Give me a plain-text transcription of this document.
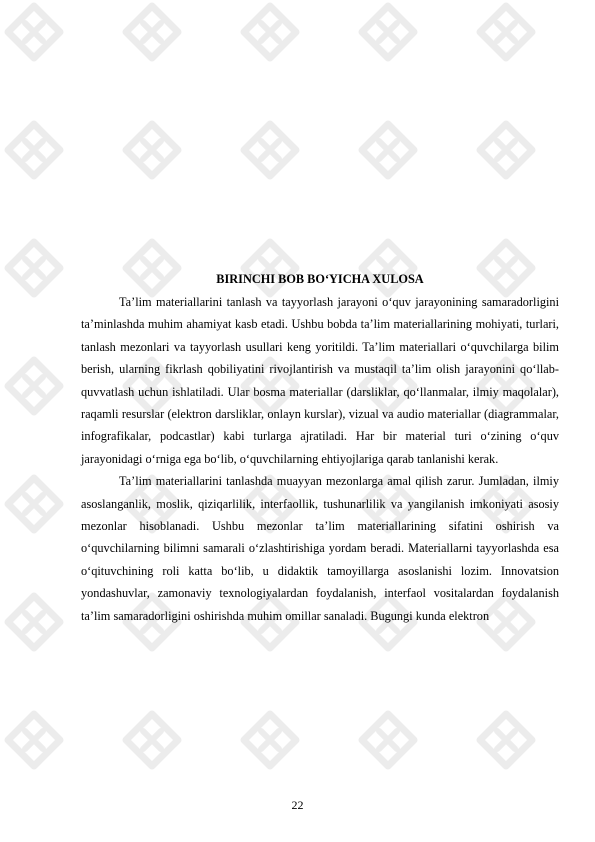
BIRINCHI BOB BO‘YICHA XULOSA

Ta’lim materiallarini tanlash va tayyorlash jarayoni o‘quv jarayonining samaradorligini ta’minlashda muhim ahamiyat kasb etadi. Ushbu bobda ta’lim materiallarining mohiyati, turlari, tanlash mezonlari va tayyorlash usullari keng yoritildi. Ta’lim materiallari o‘quvchilarga bilim berish, ularning fikrlash qobiliyatini rivojlantirish va mustaqil ta’lim olish jarayonini qo‘llab-quvvatlash uchun ishlatiladi. Ular bosma materiallar (darsliklar, qo‘llanmalar, ilmiy maqolalar), raqamli resurslar (elektron darsliklar, onlayn kurslar), vizual va audio materiallar (diagrammalar, infografikalar, podcastlar) kabi turlarga ajratiladi. Har bir material turi o‘zining o‘quv jarayonidagi o‘rniga ega bo‘lib, o‘quvchilarning ehtiyojlariga qarab tanlanishi kerak.

Ta’lim materiallarini tanlashda muayyan mezonlarga amal qilish zarur. Jumladan, ilmiy asoslanganlik, moslik, qiziqarlilik, interfaollik, tushunarlilik va yangilanish imkoniyati asosiy mezonlar hisoblanadi. Ushbu mezonlar ta’lim materiallarining sifatini oshirish va o‘quvchilarning bilimni samarali o‘zlashtirishiga yordam beradi. Materiallarni tayyorlashda esa o‘qituvchining roli katta bo‘lib, u didaktik tamoyillarga asoslanishi lozim. Innovatsion yondashuvlar, zamonaviy texnologiyalardan foydalanish, interfaol vositalardan foydalanish ta’lim samaradorligini oshirishda muhim omillar sanaladi. Bugungi kunda elektron

22
